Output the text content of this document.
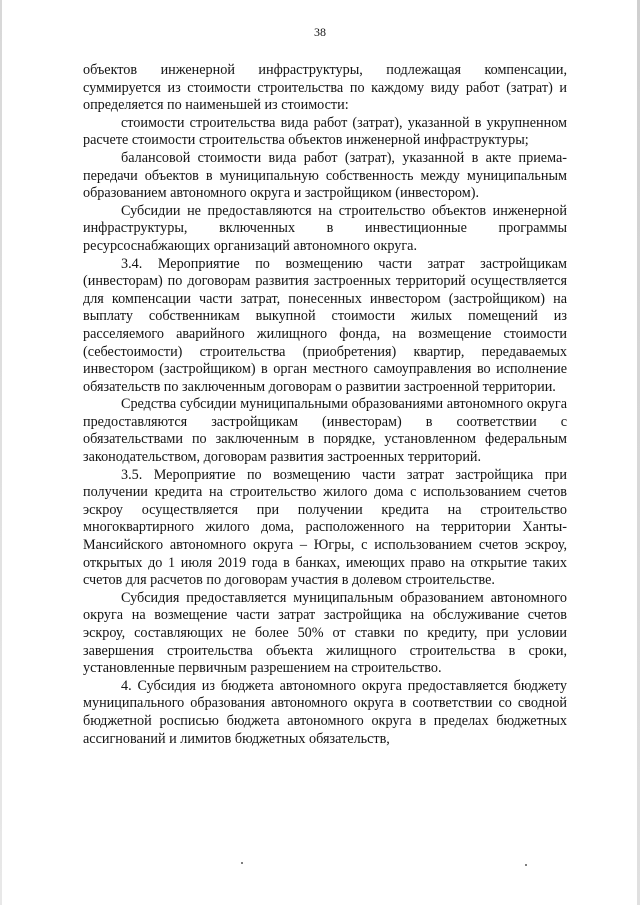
38

объектов инженерной инфраструктуры, подлежащая компенсации, суммируется из стоимости строительства по каждому виду работ (затрат) и определяется по наименьшей из стоимости:

стоимости строительства вида работ (затрат), указанной в укрупненном расчете стоимости строительства объектов инженерной инфраструктуры;

балансовой стоимости вида работ (затрат), указанной в акте приема-передачи объектов в муниципальную собственность между муниципальным образованием автономного округа и застройщиком (инвестором).

Субсидии не предоставляются на строительство объектов инженерной инфраструктуры, включенных в инвестиционные программы ресурсоснабжающих организаций автономного округа.

3.4. Мероприятие по возмещению части затрат застройщикам (инвесторам) по договорам развития застроенных территорий осуществляется для компенсации части затрат, понесенных инвестором (застройщиком) на выплату собственникам выкупной стоимости жилых помещений из расселяемого аварийного жилищного фонда, на возмещение стоимости (себестоимости) строительства (приобретения) квартир, передаваемых инвестором (застройщиком) в орган местного самоуправления во исполнение обязательств по заключенным договорам о развитии застроенной территории.

Средства субсидии муниципальными образованиями автономного округа предоставляются застройщикам (инвесторам) в соответствии с обязательствами по заключенным в порядке, установленном федеральным законодательством, договорам развития застроенных территорий.

3.5. Мероприятие по возмещению части затрат застройщика при получении кредита на строительство жилого дома с использованием счетов эскроу осуществляется при получении кредита на строительство многоквартирного жилого дома, расположенного на территории Ханты-Мансийского автономного округа – Югры, с использованием счетов эскроу, открытых до 1 июля 2019 года в банках, имеющих право на открытие таких счетов для расчетов по договорам участия в долевом строительстве.

Субсидия предоставляется муниципальным образованием автономного округа на возмещение части затрат застройщика на обслуживание счетов эскроу, составляющих не более 50% от ставки по кредиту, при условии завершения строительства объекта жилищного строительства в сроки, установленные первичным разрешением на строительство.

4. Субсидия из бюджета автономного округа предоставляется бюджету муниципального образования автономного округа в соответствии со сводной бюджетной росписью бюджета автономного округа в пределах бюджетных ассигнований и лимитов бюджетных обязательств,
